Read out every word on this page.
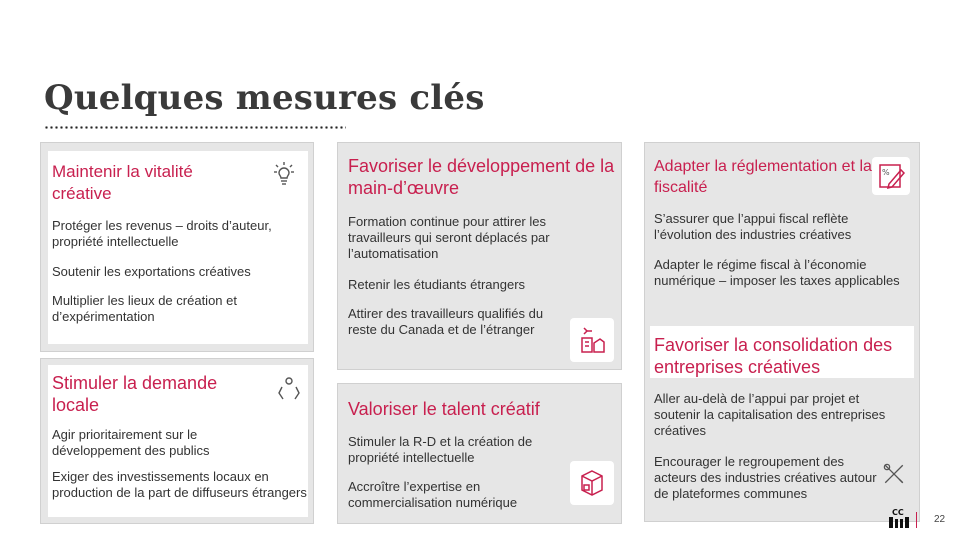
Quelques mesures clés
Maintenir la vitalité créative
Protéger les revenus – droits d’auteur, propriété intellectuelle
Soutenir les exportations créatives
Multiplier les lieux de création et d’expérimentation
Stimuler la demande locale
Agir prioritairement sur le développement des publics
Exiger des investissements locaux en production de la part de diffuseurs étrangers
Favoriser le développement de la main-d’œuvre
Formation continue pour attirer les travailleurs qui seront déplacés par l’automatisation
Retenir les étudiants étrangers
Attirer des travailleurs qualifiés du reste du Canada et de l’étranger
Valoriser le talent créatif
Stimuler la R-D et la création de propriété intellectuelle
Accroître l’expertise en commercialisation numérique
Adapter la réglementation et la fiscalité
%
S’assurer que l’appui fiscal reflète l’évolution des industries créatives
Adapter le régime fiscal à l’économie numérique – imposer les taxes applicables
Favoriser la consolidation des entreprises créatives
Aller au-delà de l’appui par projet et soutenir la capitalisation des entreprises créatives
Encourager le regroupement des acteurs des industries créatives autour de plateformes communes
CC
22
